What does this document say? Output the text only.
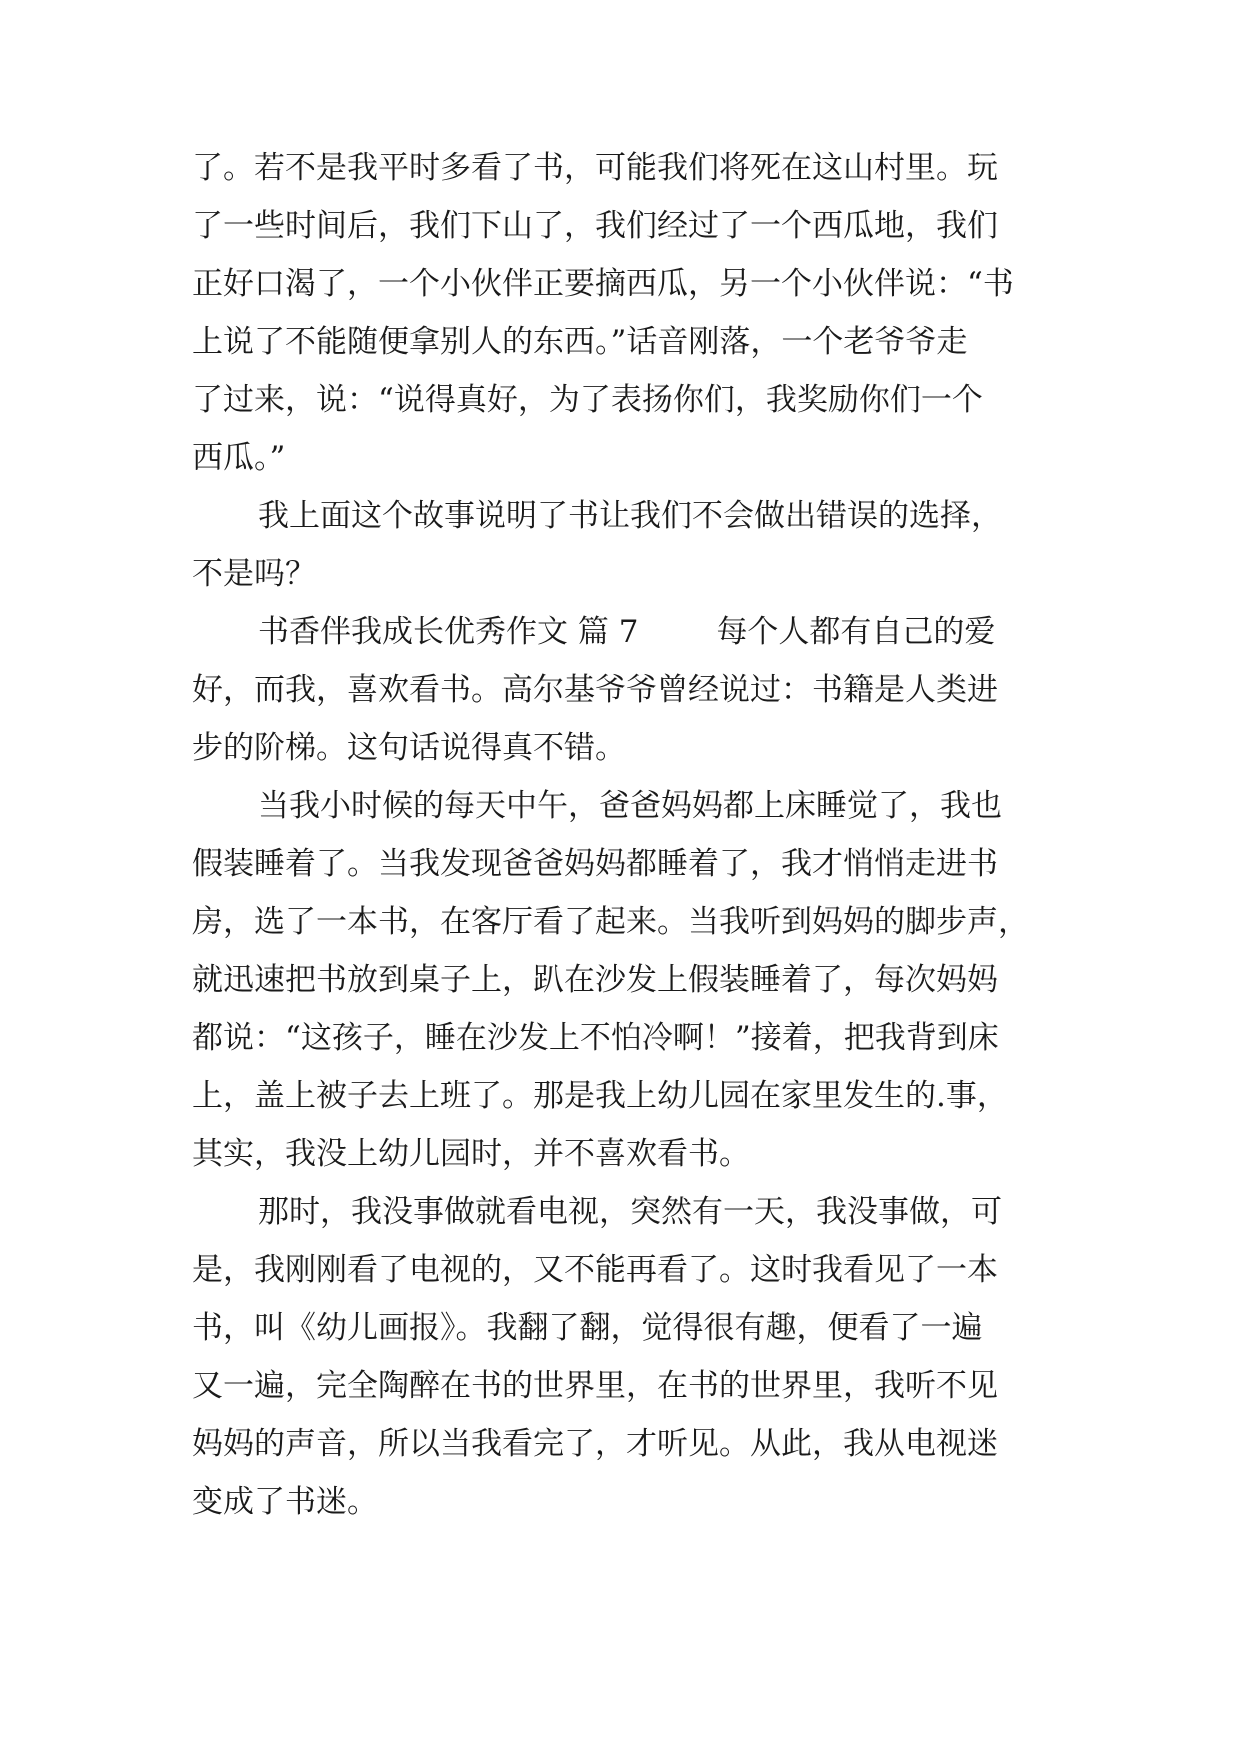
了。若不是我平时多看了书，可能我们将死在这山村里。玩
了一些时间后，我们下山了，我们经过了一个西瓜地，我们
正好口渴了，一个小伙伴正要摘西瓜，另一个小伙伴说：“书
上说了不能随便拿别人的东西。”话音刚落，一个老爷爷走
了过来，说：“说得真好，为了表扬你们，我奖励你们一个
西瓜。”
我上面这个故事说明了书让我们不会做出错误的选择，
不是吗？
书香伴我成长优秀作文 篇 7	每个人都有自己的爱
好，而我，喜欢看书。高尔基爷爷曾经说过：书籍是人类进
步的阶梯。这句话说得真不错。
当我小时候的每天中午，爸爸妈妈都上床睡觉了，我也
假装睡着了。当我发现爸爸妈妈都睡着了，我才悄悄走进书
房，选了一本书，在客厅看了起来。当我听到妈妈的脚步声，
就迅速把书放到桌子上，趴在沙发上假装睡着了，每次妈妈
都说：“这孩子，睡在沙发上不怕冷啊！”接着，把我背到床
上，盖上被子去上班了。那是我上幼儿园在家里发生的.事，
其实，我没上幼儿园时，并不喜欢看书。
那时，我没事做就看电视，突然有一天，我没事做，可
是，我刚刚看了电视的，又不能再看了。这时我看见了一本
书，叫《幼儿画报》。我翻了翻，觉得很有趣，便看了一遍
又一遍，完全陶醉在书的世界里，在书的世界里，我听不见
妈妈的声音，所以当我看完了，才听见。从此，我从电视迷
变成了书迷。
